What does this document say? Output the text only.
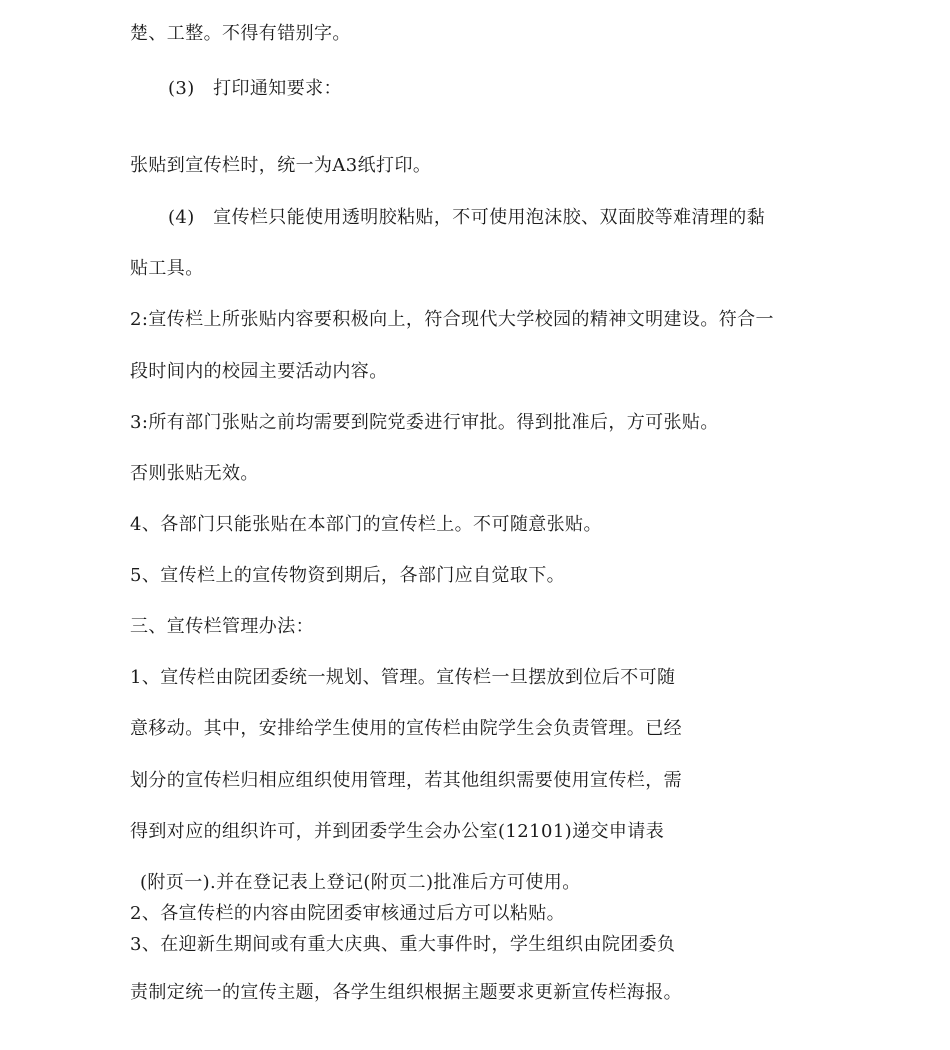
楚、工整。不得有错别字。
(3)　打印通知要求：
张贴到宣传栏时，统一为A3纸打印。
(4)　宣传栏只能使用透明胶粘贴，不可使用泡沫胶、双面胶等难清理的黏
贴工具。
2:宣传栏上所张贴内容要积极向上，符合现代大学校园的精神文明建设。符合一
段时间内的校园主要活动内容。
3:所有部门张贴之前均需要到院党委进行审批。得到批准后，方可张贴。
否则张贴无效。
4、各部门只能张贴在本部门的宣传栏上。不可随意张贴。
5、宣传栏上的宣传物资到期后，各部门应自觉取下。
三、宣传栏管理办法：
1、宣传栏由院团委统一规划、管理。宣传栏一旦摆放到位后不可随
意移动。其中，安排给学生使用的宣传栏由院学生会负责管理。已经
划分的宣传栏归相应组织使用管理，若其他组织需要使用宣传栏，需
得到对应的组织许可，并到团委学生会办公室(12101)递交申请表
(附页一).并在登记表上登记(附页二)批准后方可使用。
2、各宣传栏的内容由院团委审核通过后方可以粘贴。
3、在迎新生期间或有重大庆典、重大事件时，学生组织由院团委负
责制定统一的宣传主题，各学生组织根据主题要求更新宣传栏海报。
